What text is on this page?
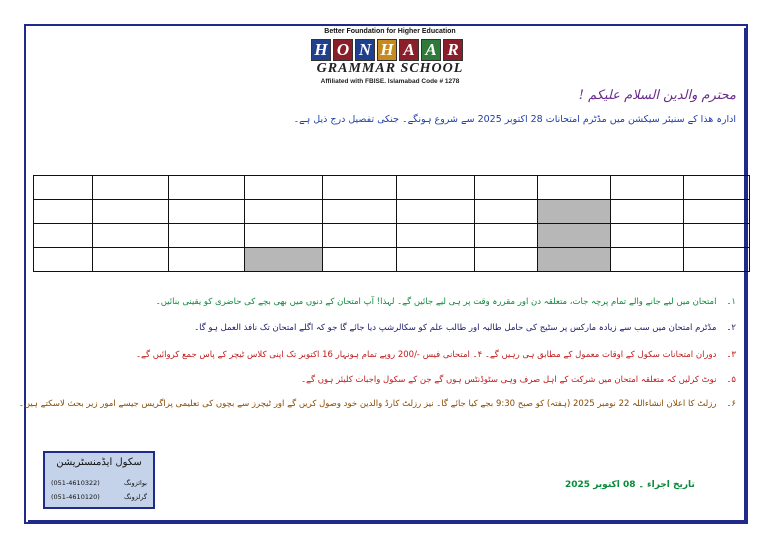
Better Foundation for Higher Education
H O N H A A R
GRAMMAR SCHOOL
Affiliated with FBISE. Islamabad Code # 1278
محترم والدین السلام علیکم !
ادارہ ھذا کے سنیئر سیکشن میں مڈٹرم امتحانات 28 اکتوبر 2025 سے شروع ہونگے۔ جنکی تفصیل درج ذیل ہے۔

۱۔امتحان میں لیے جانے والے تمام پرچہ جات، متعلقہ دن اور مقررہ وقت پر ہی لیے جائیں گے۔ لہذا! آپ امتحان کے دنوں میں بھی بچے کی حاضری کو یقینی بنائیں۔
۲۔مڈٹرم امتحان میں سب سے زیادہ مارکس پر سٹیج کی حامل طالبہ اور طالب علم کو سکالرشپ دیا جائے گا جو کہ اگلے امتحان تک نافذ العمل ہو گا۔
۳۔دوران امتحانات سکول کے اوقات معمول کے مطابق ہی رہیں گے۔ ۴۔ امتحانی فیس -/200 روپے تمام ہونہار 16 اکتوبر تک اپنی کلاس ٹیچر کے پاس جمع کروائیں گے۔
۵۔نوٹ کرلیں کہ متعلقہ امتحان میں شرکت کے اہل صرف وہی سٹوڈنٹس ہوں گے جن کے سکول واجبات کلیئر ہوں گے۔
۶۔رزلٹ کا اعلان انشاءاللہ 22 نومبر 2025 (ہفتہ) کو صبح 9:30 بجے کیا جائے گا۔ نیز رزلٹ کارڈ والدین خود وصول کریں گے اور ٹیچرز سے بچوں کی تعلیمی پراگریس جیسے امور زیر بحث لاسکتے ہیں۔
سکول ایڈمنسٹریشن
(051-4610322)	بوائزونگ
(051-4610120)	گرلزونگ
تاریخ اجراء ۔ 08 اکتوبر 2025
